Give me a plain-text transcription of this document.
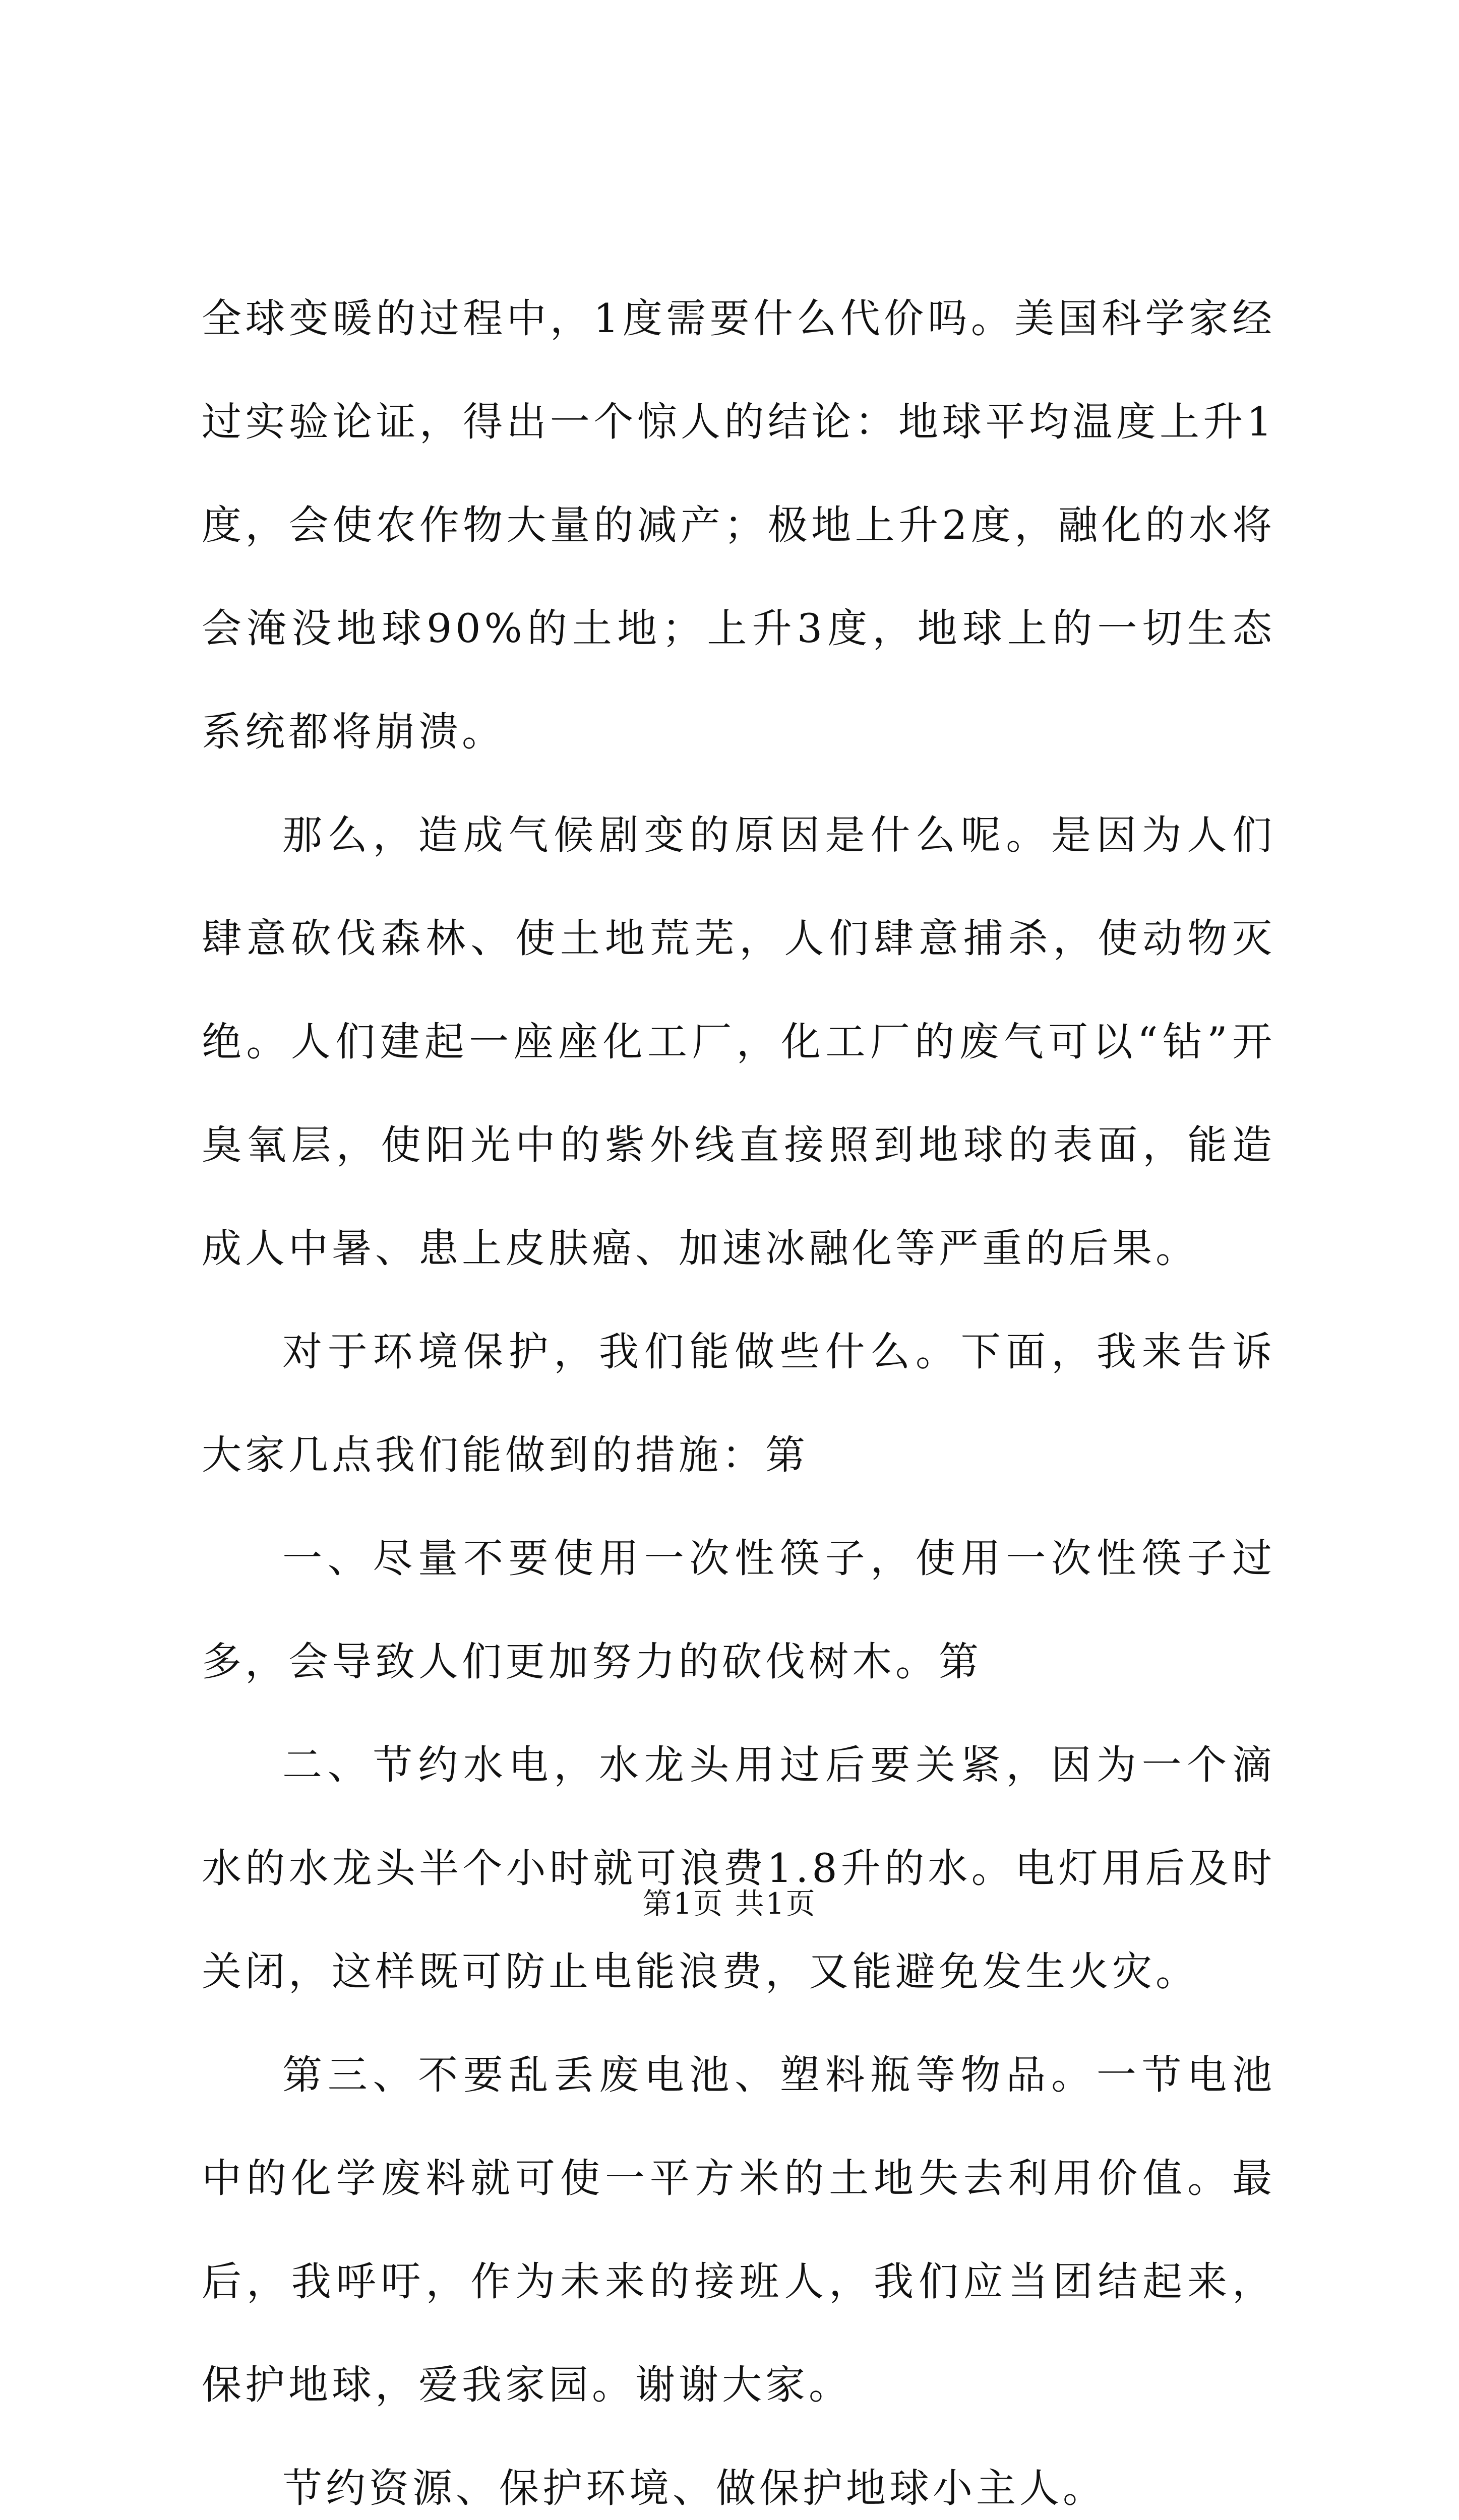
全球变暖的过程中，1度需要什么代价吗。美国科学家经过实验论证，得出一个惊人的结论：地球平均温度上升1度，会使农作物大量的减产；极地上升2度，融化的水将会淹没地球90%的土地；上升3度，地球上的一切生态系统都将崩溃。

那么，造成气候剧变的原因是什么呢。是因为人们肆意砍伐森林、使土地荒芜，人们肆意捕杀，使动物灭绝。人们建起一座座化工厂，化工厂的废气可以“钻”开臭氧层，使阳光中的紫外线直接照到地球的表面，能造成人中暑、患上皮肤癌、加速冰融化等严重的后果。

对于环境保护，我们能做些什么。下面，我来告诉大家几点我们能做到的措施：第

一、尽量不要使用一次性筷子，使用一次性筷子过多，会导致人们更加努力的砍伐树木。第

二、节约水电，水龙头用过后要关紧，因为一个滴水的水龙头半个小时就可浪费1.8升的水。电灯用后及时关闭，这样既可防止电能浪费，又能避免发生火灾。

第三、不要乱丢废电池、塑料瓶等物品。一节电池中的化学废料就可使一平方米的土地失去利用价值。最后，我呼吁，作为未来的接班人，我们应当团结起来，保护地球，爱我家园。谢谢大家。

节约资源、保护环境、做保护地球小主人。

第1页 共1页
